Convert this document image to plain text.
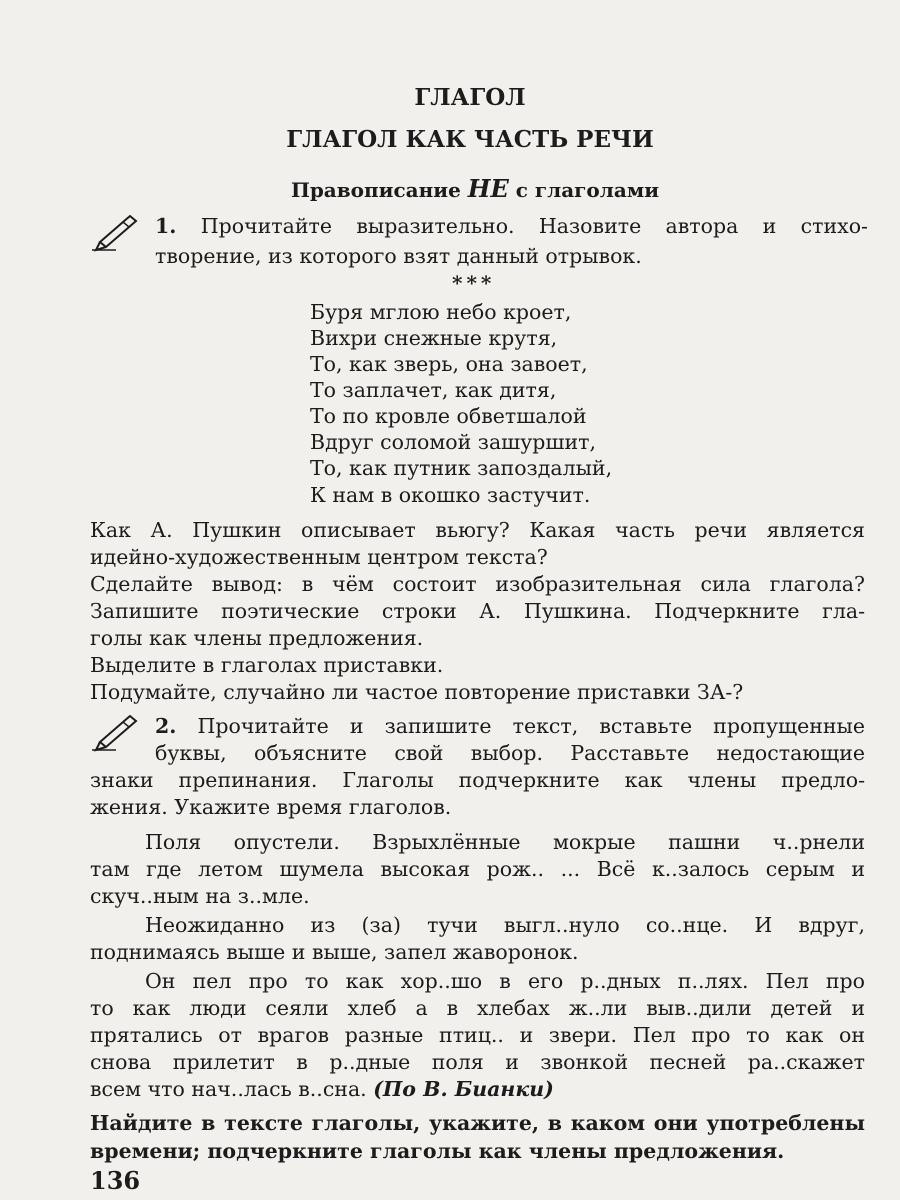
ГЛАГОЛ
ГЛАГОЛ КАК ЧАСТЬ РЕЧИ
Правописание НЕ с глаголами
1. Прочитайте выразительно. Назовите автора и стихо-
творение, из которого взят данный отрывок.
***
Буря мглою небо кроет,
Вихри снежные крутя,
То, как зверь, она завоет,
То заплачет, как дитя,
То по кровле обветшалой
Вдруг соломой зашуршит,
То, как путник запоздалый,
К нам в окошко застучит.
Как А. Пушкин описывает вьюгу? Какая часть речи является
идейно-художественным центром текста?
Сделайте вывод: в чём состоит изобразительная сила глагола?
Запишите поэтические строки А. Пушкина. Подчеркните гла-
голы как члены предложения.
Выделите в глаголах приставки.
Подумайте, случайно ли частое повторение приставки ЗА-?
2. Прочитайте и запишите текст, вставьте пропущенные
буквы, объясните свой выбор. Расставьте недостающие
знаки препинания. Глаголы подчеркните как члены предло-
жения. Укажите время глаголов.
Поля опустели. Взрыхлённые мокрые пашни ч..рнели
там где летом шумела высокая рож.. ... Всё к..залось серым и
скуч..ным на з..мле.
Неожиданно из (за) тучи выгл..нуло со..нце. И вдруг,
поднимаясь выше и выше, запел жаворонок.
Он пел про то как хор..шо в его р..дных п..лях. Пел про
то как люди сеяли хлеб а в хлебах ж..ли выв..дили детей и
прятались от врагов разные птиц.. и звери. Пел про то как он
снова прилетит в р..дные поля и звонкой песней ра..скажет
всем что нач..лась в..сна. (По В. Бианки)
Найдите в тексте глаголы, укажите, в каком они употреблены
времени; подчеркните глаголы как члены предложения.
136
